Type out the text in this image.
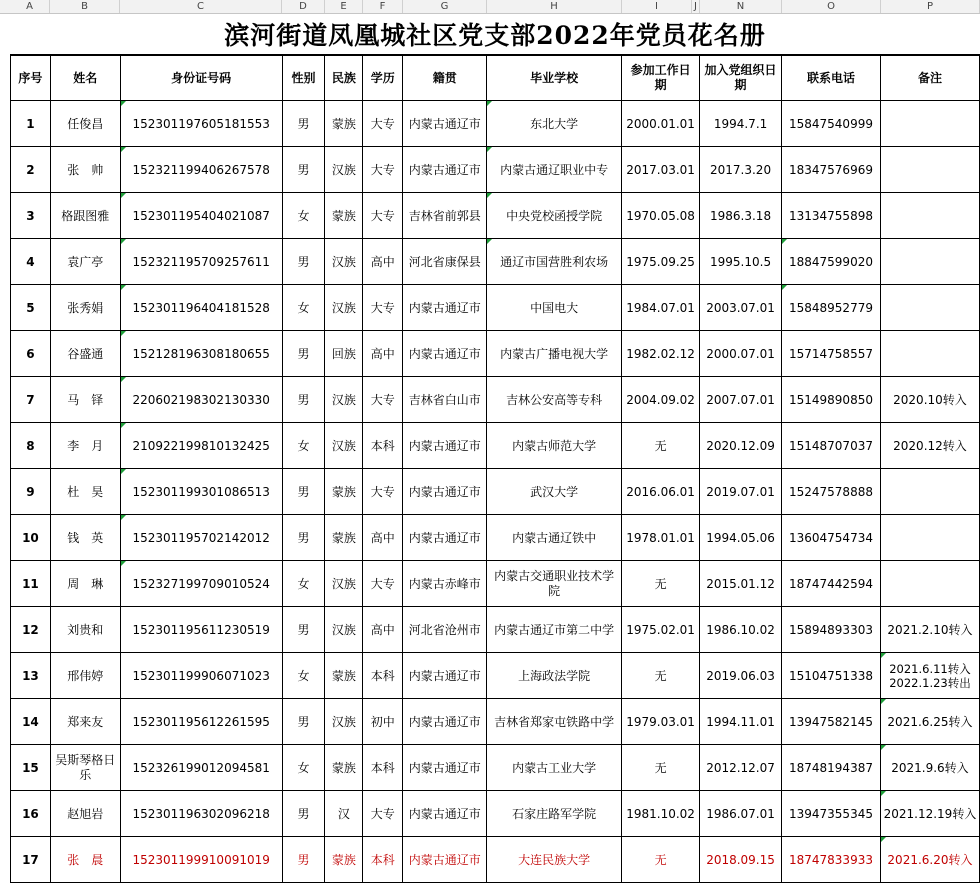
A	B	C	D	E	F	G	H	I	J	N	O	P
滨河街道凤凰城社区党支部2022年党员花名册
序号	姓名	身份证号码	性别	民族	学历	籍贯	毕业学校	参加工作日 期	加入党组织日 期	联系电话	备注
1	任俊昌	152301197605181553	男	蒙族	大专	内蒙古通辽市	东北大学	2000.01.01	1994.7.1	15847540999	
2	张　帅	152321199406267578	男	汉族	大专	内蒙古通辽市	内蒙古通辽职业中专	2017.03.01	2017.3.20	18347576969	
3	格跟图雅	152301195404021087	女	蒙族	大专	吉林省前郭县	中央党校函授学院	1970.05.08	1986.3.18	13134755898	
4	袁广亭	152321195709257611	男	汉族	高中	河北省康保县	通辽市国营胜利农场	1975.09.25	1995.10.5	18847599020	
5	张秀娟	152301196404181528	女	汉族	大专	内蒙古通辽市	中国电大	1984.07.01	2003.07.01	15848952779	
6	谷盛通	152128196308180655	男	回族	高中	内蒙古通辽市	内蒙古广播电视大学	1982.02.12	2000.07.01	15714758557	
7	马　铎	220602198302130330	男	汉族	大专	吉林省白山市	吉林公安高等专科	2004.09.02	2007.07.01	15149890850	2020.10转入
8	李　月	210922199810132425	女	汉族	本科	内蒙古通辽市	内蒙古师范大学	无	2020.12.09	15148707037	2020.12转入
9	杜　昊	152301199301086513	男	蒙族	大专	内蒙古通辽市	武汉大学	2016.06.01	2019.07.01	15247578888	
10	钱　英	152301195702142012	男	蒙族	高中	内蒙古通辽市	内蒙古通辽铁中	1978.01.01	1994.05.06	13604754734	
11	周　琳	152327199709010524	女	汉族	大专	内蒙古赤峰市	内蒙古交通职业技术学院	无	2015.01.12	18747442594	
12	刘贵和	152301195611230519	男	汉族	高中	河北省沧州市	内蒙古通辽市第二中学	1975.02.01	1986.10.02	15894893303	2021.2.10转入
13	邢伟婷	152301199906071023	女	蒙族	本科	内蒙古通辽市	上海政法学院	无	2019.06.03	15104751338	2021.6.11转入
2022.1.23转出

14	郑来友	152301195612261595	男	汉族	初中	内蒙古通辽市	吉林省郑家屯铁路中学	1979.03.01	1994.11.01	13947582145	2021.6.25转入
15	吴斯琴格日乐	152326199012094581	女	蒙族	本科	内蒙古通辽市	内蒙古工业大学	无	2012.12.07	18748194387	2021.9.6转入
16	赵旭岩	152301196302096218	男	汉	大专	内蒙古通辽市	石家庄路军学院	1981.10.02	1986.07.01	13947355345	2021.12.19转入
17	张　晨	152301199910091019	男	蒙族	本科	内蒙古通辽市	大连民族大学	无	2018.09.15	18747833933	2021.6.20转入
